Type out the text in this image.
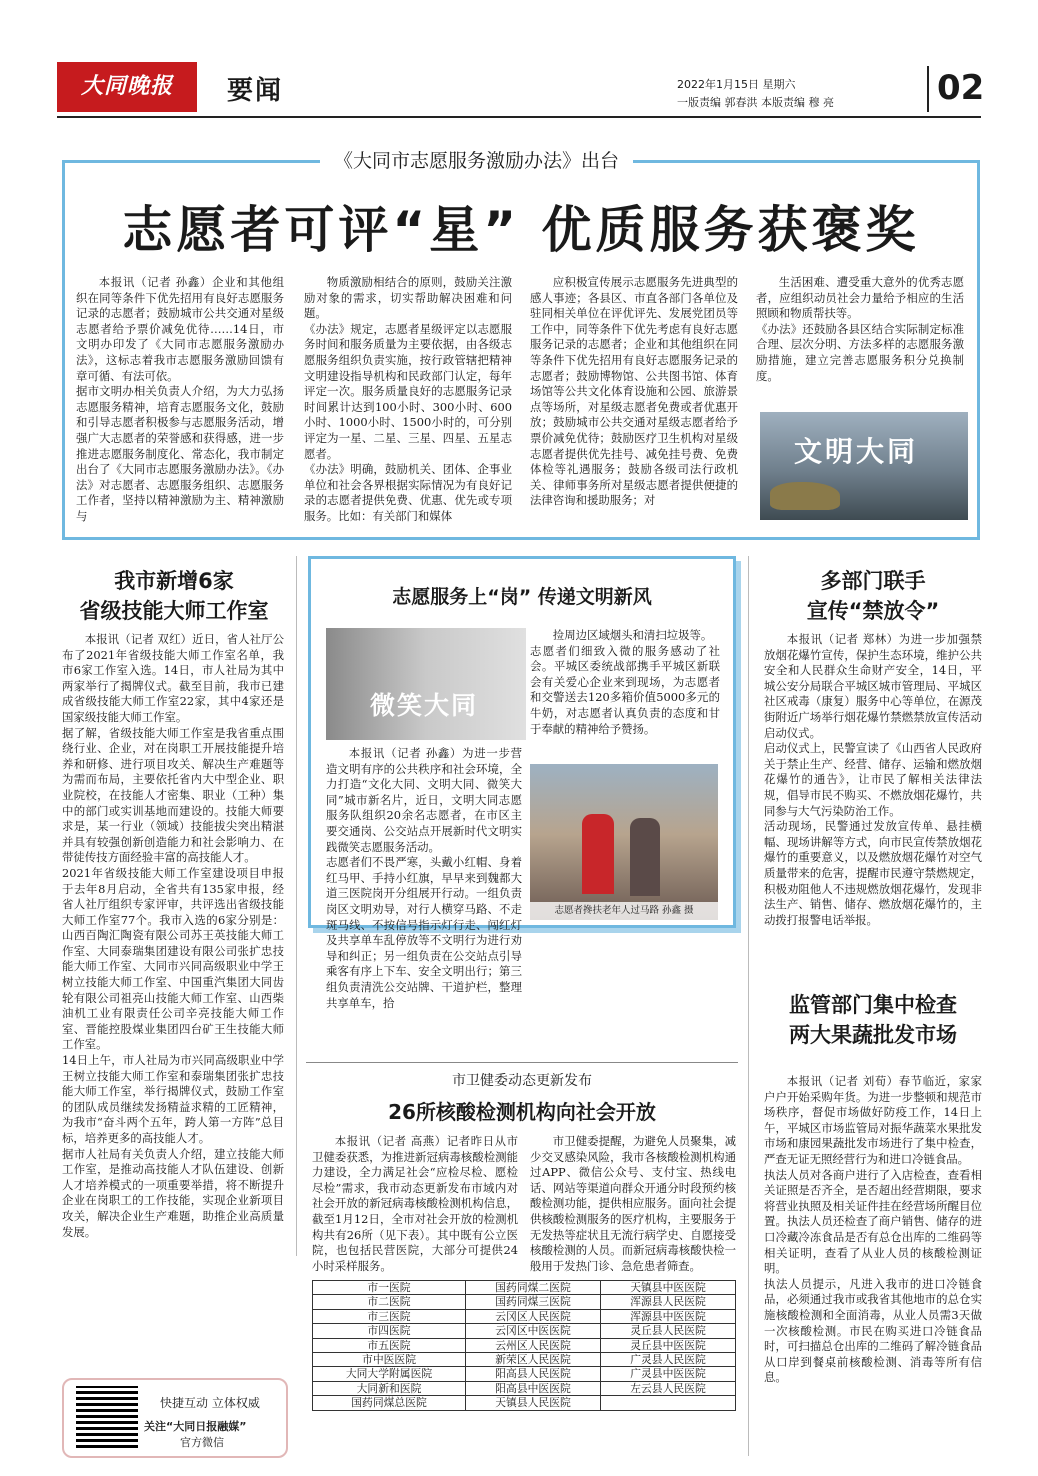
大同晚报	要闻	2022年1月15日 星期六
一版责编 郭春洪 本版责编 穆 亮	02
《大同市志愿服务激励办法》出台
志愿者可评“星” 优质服务获褒奖

本报讯（记者 孙鑫）企业和其他组织在同等条件下优先招用有良好志愿服务记录的志愿者；鼓励城市公共交通对星级志愿者给予票价减免优待……14日，市文明办印发了《大同市志愿服务激励办法》，这标志着我市志愿服务激励回馈有章可循、有法可依。
据市文明办相关负责人介绍，为大力弘扬志愿服务精神，培育志愿服务文化，鼓励和引导志愿者积极参与志愿服务活动，增强广大志愿者的荣誉感和获得感，进一步推进志愿服务制度化、常态化，我市制定出台了《大同市志愿服务激励办法》。《办法》对志愿者、志愿服务组织、志愿服务工作者，坚持以精神激励为主、精神激励与

物质激励相结合的原则，鼓励关注激励对象的需求，切实帮助解决困难和问题。
《办法》规定，志愿者星级评定以志愿服务时间和服务质量为主要依据，由各级志愿服务组织负责实施，按行政管辖把精神文明建设指导机构和民政部门认定，每年评定一次。服务质量良好的志愿服务记录时间累计达到100小时、300小时、600小时、1000小时、1500小时的，可分别评定为一星、二星、三星、四星、五星志愿者。
《办法》明确，鼓励机关、团体、企事业单位和社会各界根据实际情况为有良好记录的志愿者提供免费、优惠、优先或专项服务。比如：有关部门和媒体

应积极宣传展示志愿服务先进典型的感人事迹；各县区、市直各部门各单位及驻同相关单位在评优评先、发展党团员等工作中，同等条件下优先考虑有良好志愿服务记录的志愿者；企业和其他组织在同等条件下优先招用有良好志愿服务记录的志愿者；鼓励博物馆、公共图书馆、体育场馆等公共文化体育设施和公园、旅游景点等场所，对星级志愿者免费或者优惠开放；鼓励城市公共交通对星级志愿者给予票价减免优待；鼓励医疗卫生机构对星级志愿者提供优先挂号、减免挂号费、免费体检等礼遇服务；鼓励各级司法行政机关、律师事务所对星级志愿者提供便捷的法律咨询和援助服务；对

生活困难、遭受重大意外的优秀志愿者，应组织动员社会力量给予相应的生活照顾和物质帮扶等。
《办法》还鼓励各县区结合实际制定标准合理、层次分明、方法多样的志愿服务激励措施，建立完善志愿服务积分兑换制度。

文明大同
我市新增6家
省级技能大师工作室

本报讯（记者 双红）近日，省人社厅公布了2021年省级技能大师工作室名单，我市6家工作室入选。14日，市人社局为其中两家举行了揭牌仪式。截至目前，我市已建成省级技能大师工作室22家，其中4家还是国家级技能大师工作室。
据了解，省级技能大师工作室是我省重点围绕行业、企业，对在岗职工开展技能提升培养和研修、进行项目攻关、解决生产难题等为需而布局，主要依托省内大中型企业、职业院校，在技能人才密集、职业（工种）集中的部门或实训基地而建设的。技能大师要求是，某一行业（领域）技能拔尖突出精湛并具有较强创新创造能力和社会影响力、在带徒传技方面经验丰富的高技能人才。
2021年省级技能大师工作室建设项目申报于去年8月启动，全省共有135家申报，经省人社厅组织专家评审，共评选出省级技能大师工作室77个。我市入选的6家分别是：山西百陶汇陶瓷有限公司苏王英技能大师工作室、大同泰瑞集团建设有限公司张扩忠技能大师工作室、大同市兴同高级职业中学王树立技能大师工作室、中国重汽集团大同齿轮有限公司祖亮山技能大师工作室、山西柴油机工业有限责任公司辛亮技能大师工作室、晋能控股煤业集团四台矿王生技能大师工作室。
14日上午，市人社局为市兴同高级职业中学王树立技能大师工作室和泰瑞集团张扩忠技能大师工作室，举行揭牌仪式，鼓励工作室的团队成员继续发扬精益求精的工匠精神，为我市“奋斗两个五年，跨人第一方阵”总目标，培养更多的高技能人才。
据市人社局有关负责人介绍，建立技能大师工作室，是推动高技能人才队伍建设、创新人才培养模式的一项重要举措，将不断提升企业在岗职工的工作技能，实现企业新项目攻关，解决企业生产难题，助推企业高质量发展。

志愿服务上“岗” 传递文明新风
微笑大同

本报讯（记者 孙鑫）为进一步营造文明有序的公共秩序和社会环境，全力打造“文化大同、文明大同、微笑大同”城市新名片，近日，文明大同志愿服务队组织20余名志愿者，在市区主要交通岗、公交站点开展新时代文明实践微笑志愿服务活动。
志愿者们不畏严寒，头戴小红帽、身着红马甲、手持小红旗，早早来到魏都大道三医院岗开分组展开行动。一组负责岗区文明劝导，对行人横穿马路、不走斑马线、不按信号指示灯行走、闯红灯及共享单车乱停放等不文明行为进行劝导和纠正；另一组负责在公交站点引导乘客有序上下车、安全文明出行；第三组负责清洗公交站牌、干道护栏，整理共享单车，拾

捡周边区域烟头和清扫垃圾等。
志愿者们细致入微的服务感动了社会。平城区委统战部携手平城区新联会有关爱心企业来到现场，为志愿者和交警送去120多箱价值5000多元的牛奶，对志愿者认真负责的态度和甘于奉献的精神给予赞扬。

志愿者搀扶老年人过马路 孙鑫 摄
市卫健委动态更新发布
26所核酸检测机构向社会开放

本报讯（记者 高燕）记者昨日从市卫健委获悉，为推进新冠病毒核酸检测能力建设，全力满足社会“应检尽检、愿检尽检”需求，我市动态更新发布市域内对社会开放的新冠病毒核酸检测机构信息，截至1月12日，全市对社会开放的检测机构共有26所（见下表）。其中既有公立医院，也包括民营医院，大部分可提供24小时采样服务。

市卫健委提醒，为避免人员聚集，减少交叉感染风险，我市各核酸检测机构通过APP、微信公众号、支付宝、热线电话、网站等渠道向群众开通分时段预约核酸检测功能，提供相应服务。面向社会提供核酸检测服务的医疗机构，主要服务于无发热等症状且无流行病学史、自愿接受核酸检测的人员。而新冠病毒核酸快检一般用于发热门诊、急危患者筛查。

市一医院	国药同煤二医院	天镇县中医医院
市二医院	国药同煤三医院	浑源县人民医院
市三医院	云冈区人民医院	浑源县中医医院
市四医院	云冈区中医医院	灵丘县人民医院
市五医院	云州区人民医院	灵丘县中医医院
市中医医院	新荣区人民医院	广灵县人民医院
大同大学附属医院	阳高县人民医院	广灵县中医医院
大同新和医院	阳高县中医医院	左云县人民医院
国药同煤总医院	天镇县人民医院	
快捷互动 立体权威
关注“大同日报融媒”
官方微信
多部门联手
宣传“禁放令”

本报讯（记者 郑林）为进一步加强禁放烟花爆竹宣传，保护生态环境，维护公共安全和人民群众生命财产安全，14日，平城公安分局联合平城区城市管理局、平城区社区戒毒（康复）服务中心等单位，在源茂街附近广场举行烟花爆竹禁燃禁放宣传活动启动仪式。
启动仪式上，民警宣读了《山西省人民政府关于禁止生产、经营、储存、运输和燃放烟花爆竹的通告》，让市民了解相关法律法规，倡导市民不购买、不燃放烟花爆竹，共同参与大气污染防治工作。
活动现场，民警通过发放宣传单、悬挂横幅、现场讲解等方式，向市民宣传禁放烟花爆竹的重要意义，以及燃放烟花爆竹对空气质量带来的危害，提醒市民遵守禁燃规定，积极劝阻他人不违规燃放烟花爆竹，发现非法生产、销售、储存、燃放烟花爆竹的，主动拨打报警电话举报。

监管部门集中检查
两大果蔬批发市场

本报讯（记者 刘荀）春节临近，家家户户开始采购年货。为进一步整顿和规范市场秩序，督促市场做好防疫工作，14日上午，平城区市场监管局对振华蔬菜水果批发市场和康园果蔬批发市场进行了集中检查，严查无证无照经营行为和进口冷链食品。
执法人员对各商户进行了入店检查，查看相关证照是否齐全，是否超出经营期限，要求将营业执照及相关证件挂在经营场所醒目位置。执法人员还检查了商户销售、储存的进口冷藏冷冻食品是否有总仓出库的二维码等相关证明，查看了从业人员的核酸检测证明。
执法人员提示，凡进入我市的进口冷链食品，必须通过我市或我省其他地市的总仓实施核酸检测和全面消毒，从业人员需3天做一次核酸检测。市民在购买进口冷链食品时，可扫描总仓出库的二维码了解冷链食品从口岸到餐桌前核酸检测、消毒等所有信息。
